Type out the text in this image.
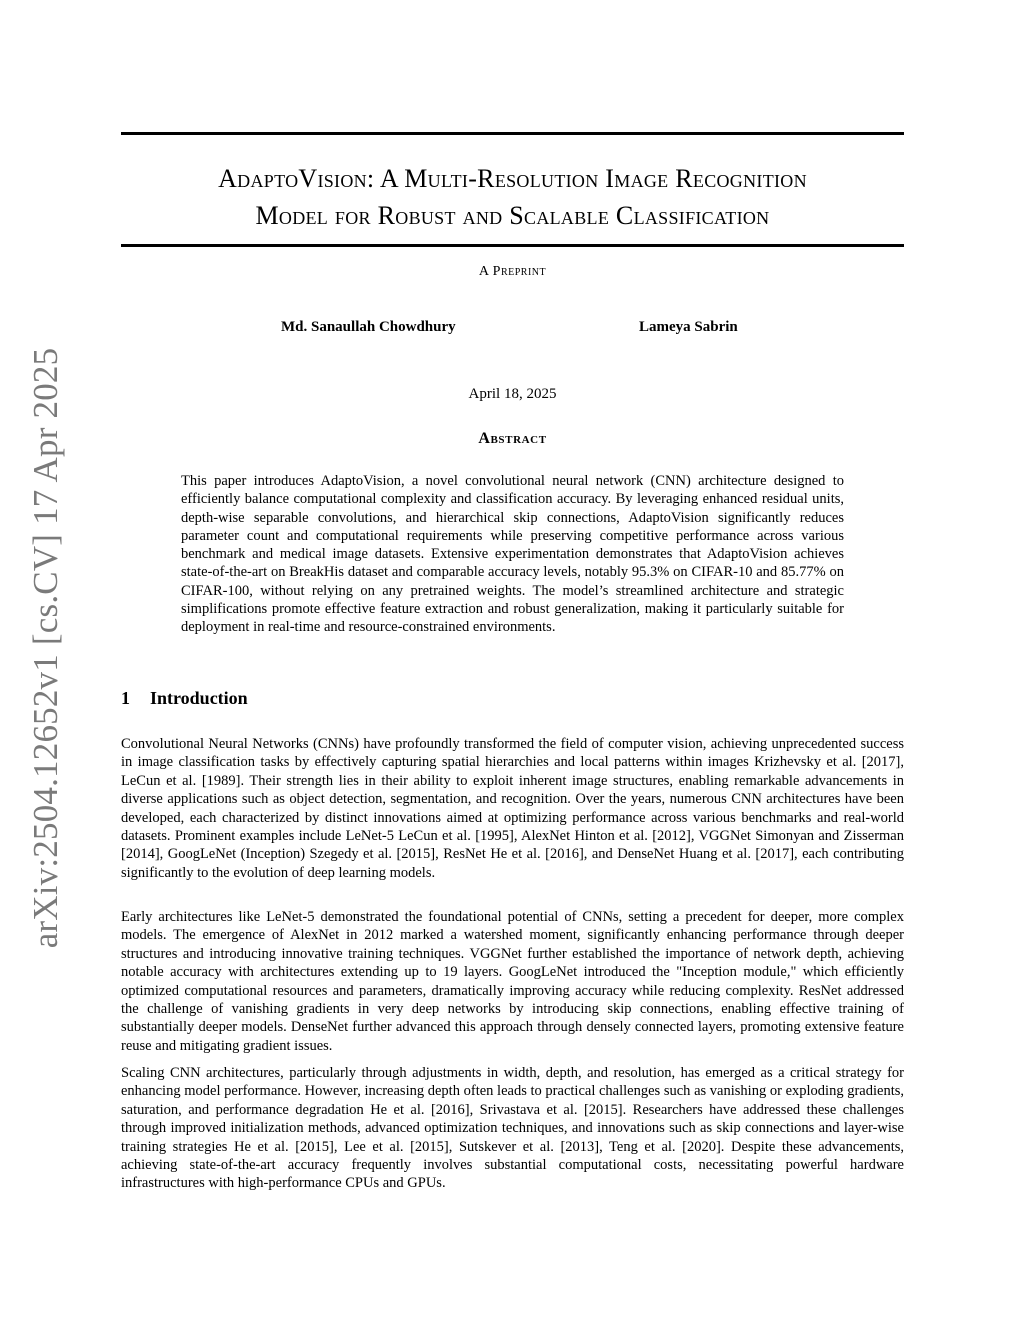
arXiv:2504.12652v1 [cs.CV] 17 Apr 2025
AdaptoVision: A Multi-Resolution Image Recognition
Model for Robust and Scalable Classification
A Preprint
Md. Sanaullah Chowdhury	Lameya Sabrin
April 18, 2025
Abstract

This paper introduces AdaptoVision, a novel convolutional neural network (CNN) architecture designed to efficiently balance computational complexity and classification accuracy. By leveraging enhanced residual units, depth-wise separable convolutions, and hierarchical skip connections, AdaptoVision significantly reduces parameter count and computational requirements while preserving competitive performance across various benchmark and medical image datasets. Extensive experimentation demonstrates that AdaptoVision achieves state-of-the-art on BreakHis dataset and comparable accuracy levels, notably 95.3% on CIFAR-10 and 85.77% on CIFAR-100, without relying on any pretrained weights. The model’s streamlined architecture and strategic simplifications promote effective feature extraction and robust generalization, making it particularly suitable for deployment in real-time and resource-constrained environments.

1 Introduction

Convolutional Neural Networks (CNNs) have profoundly transformed the field of computer vision, achieving unprecedented success in image classification tasks by effectively capturing spatial hierarchies and local patterns within images Krizhevsky et al. [2017], LeCun et al. [1989]. Their strength lies in their ability to exploit inherent image structures, enabling remarkable advancements in diverse applications such as object detection, segmentation, and recognition. Over the years, numerous CNN architectures have been developed, each characterized by distinct innovations aimed at optimizing performance across various benchmarks and real-world datasets. Prominent examples include LeNet-5 LeCun et al. [1995], AlexNet Hinton et al. [2012], VGGNet Simonyan and Zisserman [2014], GoogLeNet (Inception) Szegedy et al. [2015], ResNet He et al. [2016], and DenseNet Huang et al. [2017], each contributing significantly to the evolution of deep learning models.

Early architectures like LeNet-5 demonstrated the foundational potential of CNNs, setting a precedent for deeper, more complex models. The emergence of AlexNet in 2012 marked a watershed moment, significantly enhancing performance through deeper structures and introducing innovative training techniques. VGGNet further established the importance of network depth, achieving notable accuracy with architectures extending up to 19 layers. GoogLeNet introduced the "Inception module," which efficiently optimized computational resources and parameters, dramatically improving accuracy while reducing complexity. ResNet addressed the challenge of vanishing gradients in very deep networks by introducing skip connections, enabling effective training of substantially deeper models. DenseNet further advanced this approach through densely connected layers, promoting extensive feature reuse and mitigating gradient issues.

Scaling CNN architectures, particularly through adjustments in width, depth, and resolution, has emerged as a critical strategy for enhancing model performance. However, increasing depth often leads to practical challenges such as vanishing or exploding gradients, saturation, and performance degradation He et al. [2016], Srivastava et al. [2015]. Researchers have addressed these challenges through improved initialization methods, advanced optimization techniques, and innovations such as skip connections and layer-wise training strategies He et al. [2015], Lee et al. [2015], Sutskever et al. [2013], Teng et al. [2020]. Despite these advancements, achieving state-of-the-art accuracy frequently involves substantial computational costs, necessitating powerful hardware infrastructures with high-performance CPUs and GPUs.
